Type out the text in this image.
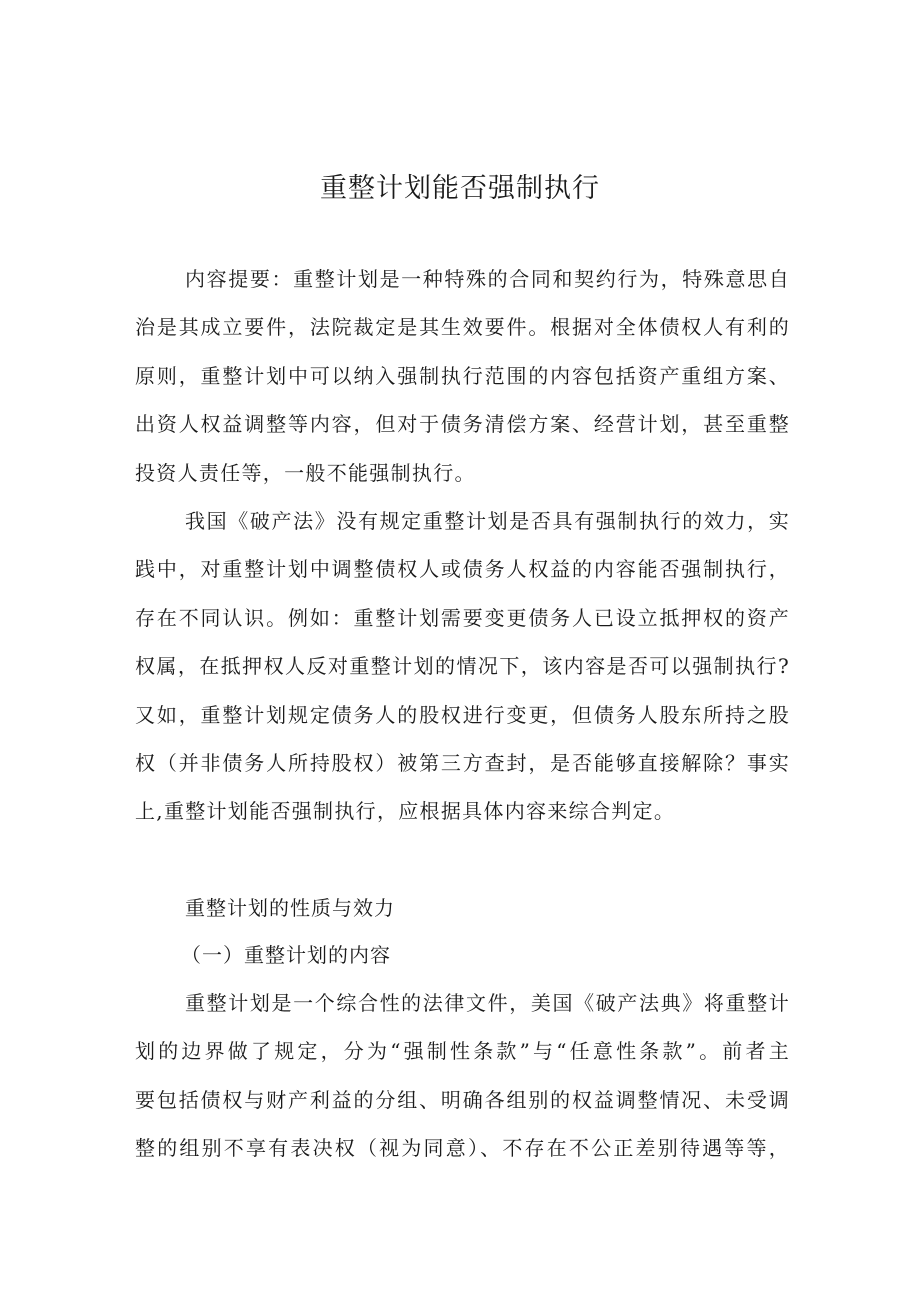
重整计划能否强制执行
内容提要：重整计划是一种特殊的合同和契约行为，特殊意思自
治是其成立要件，法院裁定是其生效要件。根据对全体债权人有利的
原则，重整计划中可以纳入强制执行范围的内容包括资产重组方案、
出资人权益调整等内容，但对于债务清偿方案、经营计划，甚至重整
投资人责任等，一般不能强制执行。
我国《破产法》没有规定重整计划是否具有强制执行的效力，实
践中，对重整计划中调整债权人或债务人权益的内容能否强制执行，
存在不同认识。例如：重整计划需要变更债务人已设立抵押权的资产
权属，在抵押权人反对重整计划的情况下，该内容是否可以强制执行?
又如，重整计划规定债务人的股权进行变更，但债务人股东所持之股
权（并非债务人所持股权）被第三方查封，是否能够直接解除？事实
上,重整计划能否强制执行，应根据具体内容来综合判定。

重整计划的性质与效力

（一）重整计划的内容

重整计划是一个综合性的法律文件，美国《破产法典》将重整计
划的边界做了规定，分为“强制性条款”与“任意性条款”。前者主
要包括债权与财产利益的分组、明确各组别的权益调整情况、未受调
整的组别不享有表决权（视为同意）、不存在不公正差别待遇等等，
